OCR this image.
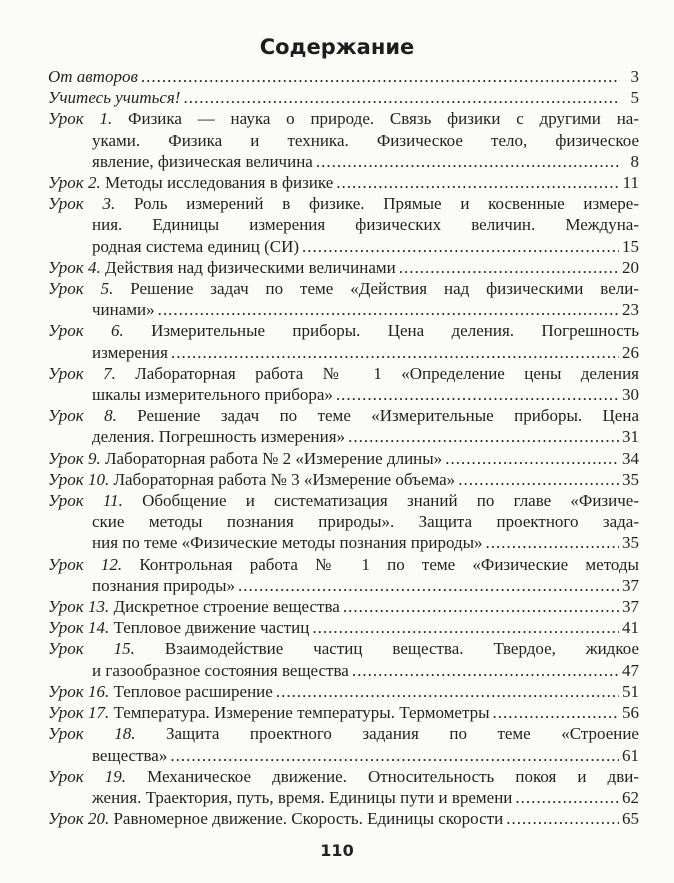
Содержание
От авторов .....	3
Учитесь учиться! .....	5
Урок 1. Физика — наука о природе. Связь физики с другими на-
уками. Физика и техника. Физическое тело, физическое
явление, физическая величина .....	8
Урок 2. Методы исследования в физике .....	11
Урок 3. Роль измерений в физике. Прямые и косвенные измере-
ния. Единицы измерения физических величин. Междуна-
родная система единиц (СИ) .....	15
Урок 4. Действия над физическими величинами .....	20
Урок 5. Решение задач по теме «Действия над физическими вели-
чинами» .....	23
Урок 6. Измерительные приборы. Цена деления. Погрешность
измерения .....	26
Урок 7. Лабораторная работа № 1 «Определение цены деления
шкалы измерительного прибора» .....	30
Урок 8. Решение задач по теме «Измерительные приборы. Цена
деления. Погрешность измерения» .....	31
Урок 9. Лабораторная работа № 2 «Измерение длины» .....	34
Урок 10. Лабораторная работа № 3 «Измерение объема» .....	35
Урок 11. Обобщение и систематизация знаний по главе «Физиче-
ские методы познания природы». Защита проектного зада-
ния по теме «Физические методы познания природы» .....	35
Урок 12. Контрольная работа № 1 по теме «Физические методы
познания природы» .....	37
Урок 13. Дискретное строение вещества .....	37
Урок 14. Тепловое движение частиц .....	41
Урок 15. Взаимодействие частиц вещества. Твердое, жидкое
и газообразное состояния вещества .....	47
Урок 16. Тепловое расширение .....	51
Урок 17. Температура. Измерение температуры. Термометры .....	56
Урок 18. Защита проектного задания по теме «Строение
вещества» .....	61
Урок 19. Механическое движение. Относительность покоя и дви-
жения. Траектория, путь, время. Единицы пути и времени .....	62
Урок 20. Равномерное движение. Скорость. Единицы скорости .....	65
110
